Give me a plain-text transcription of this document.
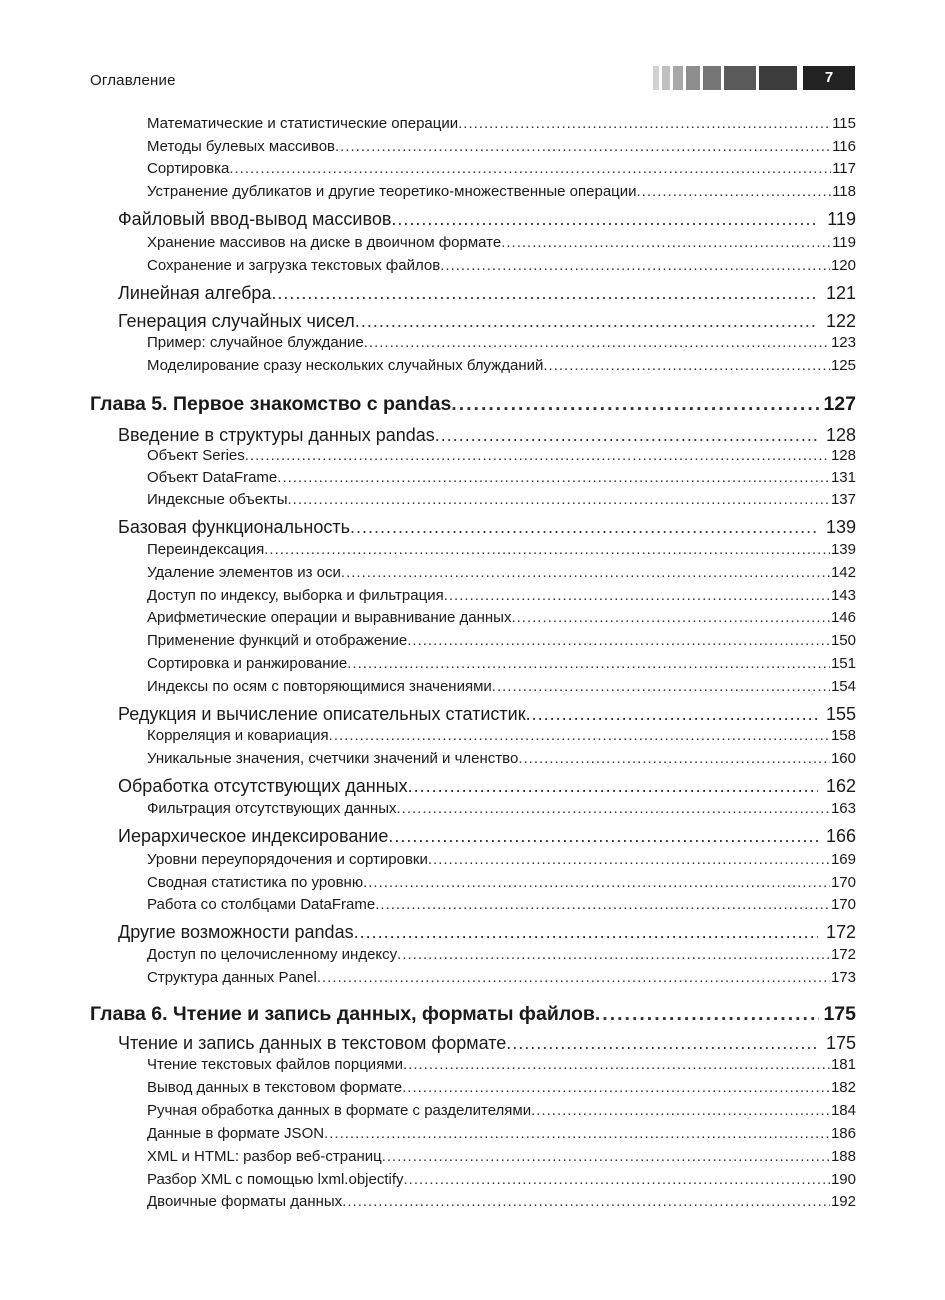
Оглавление	7
Математические и статистические операции .....	115
Методы булевых массивов .....	116
Сортировка .....	117
Устранение дубликатов и другие теоретико-множественные операции .....	118
Файловый ввод-вывод массивов .....	119
Хранение массивов на диске в двоичном формате .....	119
Сохранение и загрузка текстовых файлов .....	120
Линейная алгебра .....	121
Генерация случайных чисел .....	122
Пример: случайное блуждание .....	123
Моделирование сразу нескольких случайных блужданий .....	125
Глава 5. Первое знакомство с pandas .....	127
Введение в структуры данных pandas .....	128
Объект Series .....	128
Объект DataFrame .....	131
Индексные объекты .....	137
Базовая функциональность .....	139
Переиндексация .....	139
Удаление элементов из оси .....	142
Доступ по индексу, выборка и фильтрация .....	143
Арифметические операции и выравнивание данных .....	146
Применение функций и отображение .....	150
Сортировка и ранжирование .....	151
Индексы по осям с повторяющимися значениями .....	154
Редукция и вычисление описательных статистик .....	155
Корреляция и ковариация .....	158
Уникальные значения, счетчики значений и членство .....	160
Обработка отсутствующих данных .....	162
Фильтрация отсутствующих данных .....	163
Иерархическое индексирование .....	166
Уровни переупорядочения и сортировки .....	169
Сводная статистика по уровню .....	170
Работа со столбцами DataFrame .....	170
Другие возможности pandas .....	172
Доступ по целочисленному индексу .....	172
Структура данных Panel .....	173
Глава 6. Чтение и запись данных, форматы файлов .....	175
Чтение и запись данных в текстовом формате .....	175
Чтение текстовых файлов порциями .....	181
Вывод данных в текстовом формате .....	182
Ручная обработка данных в формате с разделителями .....	184
Данные в формате JSON .....	186
XML и HTML: разбор веб-страниц .....	188
Разбор XML с помощью lxml.objectify .....	190
Двоичные форматы данных .....	192
